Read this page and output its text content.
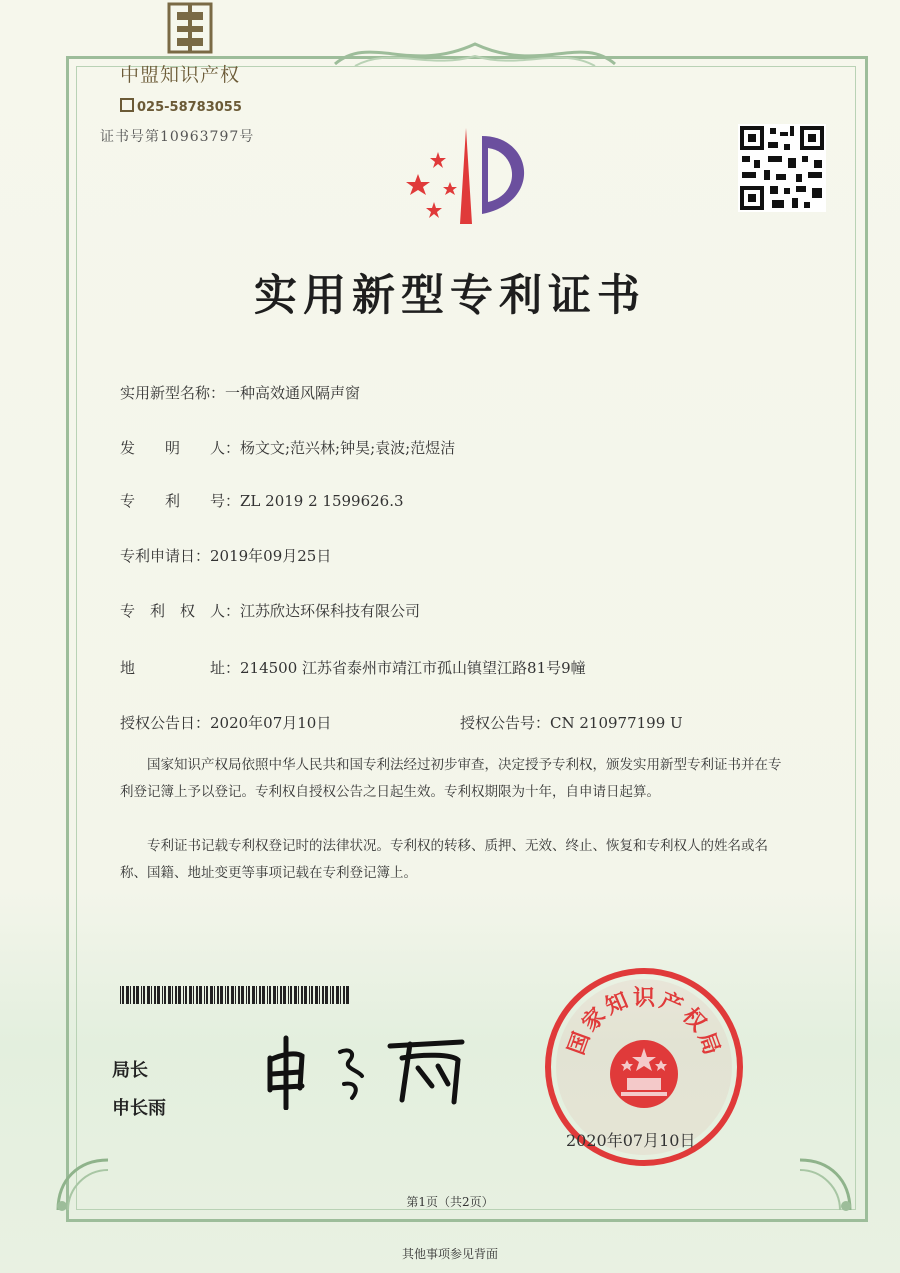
中盟知识产权
025-58783055
证书号第10963797号
实用新型专利证书
实用新型名称：一种高效通风隔声窗
发　　明　　人：杨文文;范兴林;钟昊;袁波;范煜洁
专　　利　　号：ZL 2019 2 1599626.3
专利申请日：2019年09月25日
专　利　权　人：江苏欣达环保科技有限公司
地　　　　　址：214500 江苏省泰州市靖江市孤山镇望江路81号9幢
授权公告日：2020年07月10日	授权公告号：CN 210977199 U
国家知识产权局依照中华人民共和国专利法经过初步审查，决定授予专利权，颁发实用新型专利证书并在专利登记簿上予以登记。专利权自授权公告之日起生效。专利权期限为十年，自申请日起算。
专利证书记载专利权登记时的法律状况。专利权的转移、质押、无效、终止、恢复和专利权人的姓名或名称、国籍、地址变更等事项记载在专利登记簿上。
局长
申长雨
国
家
知 识 产
权
局
2020年07月10日
第1页（共2页）
其他事项参见背面
